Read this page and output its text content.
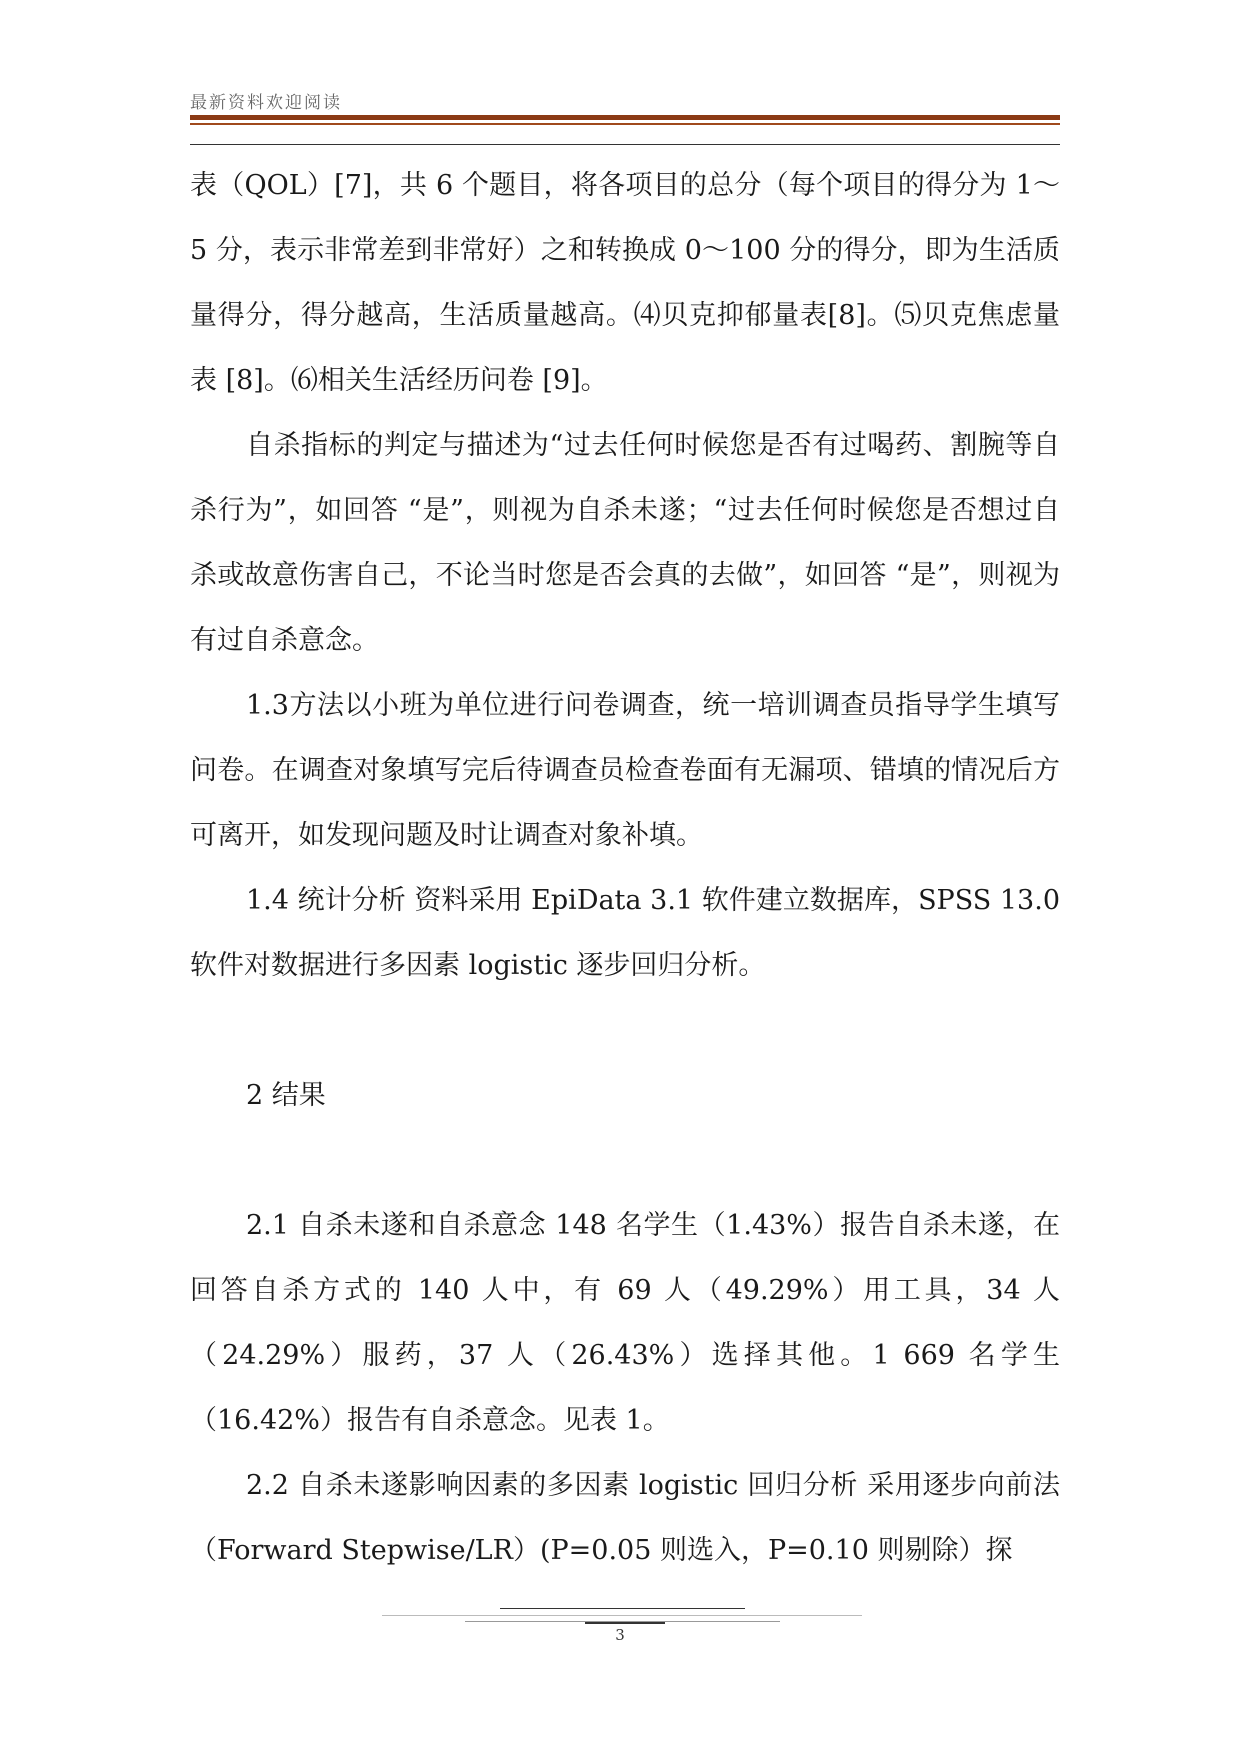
最新资料欢迎阅读

表（QOL）[7]，共 6 个题目，将各项目的总分（每个项目的得分为 1～5 分，表示非常差到非常好）之和转换成 0～100 分的得分，即为生活质量得分，得分越高，生活质量越高。⑷贝克抑郁量表[8]。⑸贝克焦虑量表 [8]。⑹相关生活经历问卷 [9]。

自杀指标的判定与描述为“过去任何时候您是否有过喝药、割腕等自杀行为”，如回答 “是”，则视为自杀未遂；“过去任何时候您是否想过自杀或故意伤害自己，不论当时您是否会真的去做”，如回答 “是”，则视为有过自杀意念。

1.3方法以小班为单位进行问卷调查，统一培训调查员指导学生填写问卷。在调查对象填写完后待调查员检查卷面有无漏项、错填的情况后方可离开，如发现问题及时让调查对象补填。

1.4 统计分析 资料采用 EpiData 3.1 软件建立数据库，SPSS 13.0 软件对数据进行多因素 logistic 逐步回归分析。

2 结果

2.1 自杀未遂和自杀意念 148 名学生（1.43%）报告自杀未遂，在回答自杀方式的 140 人中，有 69 人（49.29%）用工具，34 人（24.29%）服药，37 人（26.43%）选择其他。1 669 名学生（16.42%）报告有自杀意念。见表 1。

2.2 自杀未遂影响因素的多因素 logistic 回归分析 采用逐步向前法（Forward Stepwise/LR）(P=0.05 则选入，P=0.10 则剔除）探

3
